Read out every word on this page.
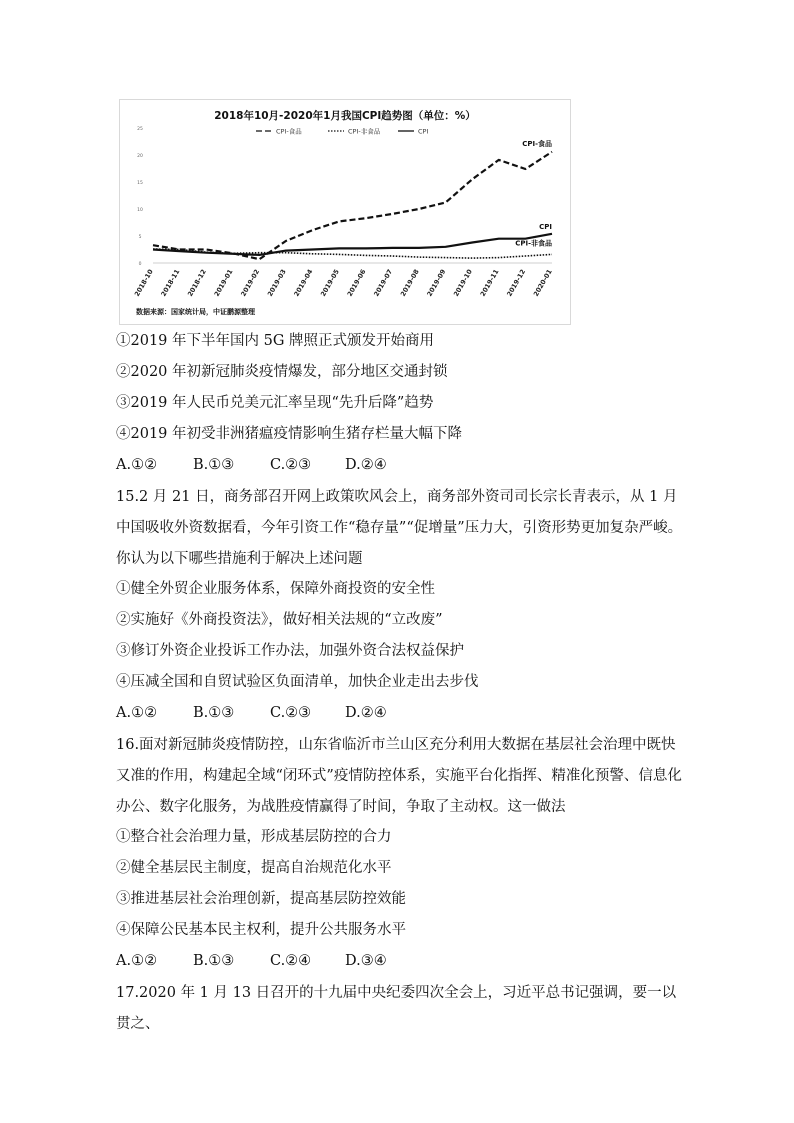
2018年10月-2020年1月我国CPI趋势图（单位：%）
0
5
10
15
20
25
2018-10 2018-11 2018-12 2019-01 2019-02 2019-03 2019-04 2019-05 2019-06 2019-07 2019-08 2019-09 2019-10 2019-11 2019-12 2020-01
CPI-食品	CPI-非食品	CPI
CPI-食品
CPI-非食品
CPI
数据来源：国家统计局，中证鹏源整理
①2019 年下半年国内 5G 牌照正式颁发开始商用
②2020 年初新冠肺炎疫情爆发，部分地区交通封锁
③2019 年人民币兑美元汇率呈现“先升后降”趋势
④2019 年初受非洲猪瘟疫情影响生猪存栏量大幅下降
A.①② B.①③ C.②③ D.②④
15.2 月 21 日，商务部召开网上政策吹风会上，商务部外资司司长宗长青表示，从 1 月中国吸收外资数据看，今年引资工作“稳存量”“促增量”压力大，引资形势更加复杂严峻。你认为以下哪些措施利于解决上述问题
①健全外贸企业服务体系，保障外商投资的安全性
②实施好《外商投资法》，做好相关法规的“立改废”
③修订外资企业投诉工作办法，加强外资合法权益保护
④压减全国和自贸试验区负面清单，加快企业走出去步伐
A.①② B.①③ C.②③ D.②④
16.面对新冠肺炎疫情防控，山东省临沂市兰山区充分利用大数据在基层社会治理中既快又准的作用，构建起全域“闭环式”疫情防控体系，实施平台化指挥、精准化预警、信息化办公、数字化服务，为战胜疫情赢得了时间，争取了主动权。这一做法
①整合社会治理力量，形成基层防控的合力
②健全基层民主制度，提高自治规范化水平
③推进基层社会治理创新，提高基层防控效能
④保障公民基本民主权利，提升公共服务水平
A.①② B.①③ C.②④ D.③④
17.2020 年 1 月 13 日召开的十九届中央纪委四次全会上，习近平总书记强调，要一以贯之、
